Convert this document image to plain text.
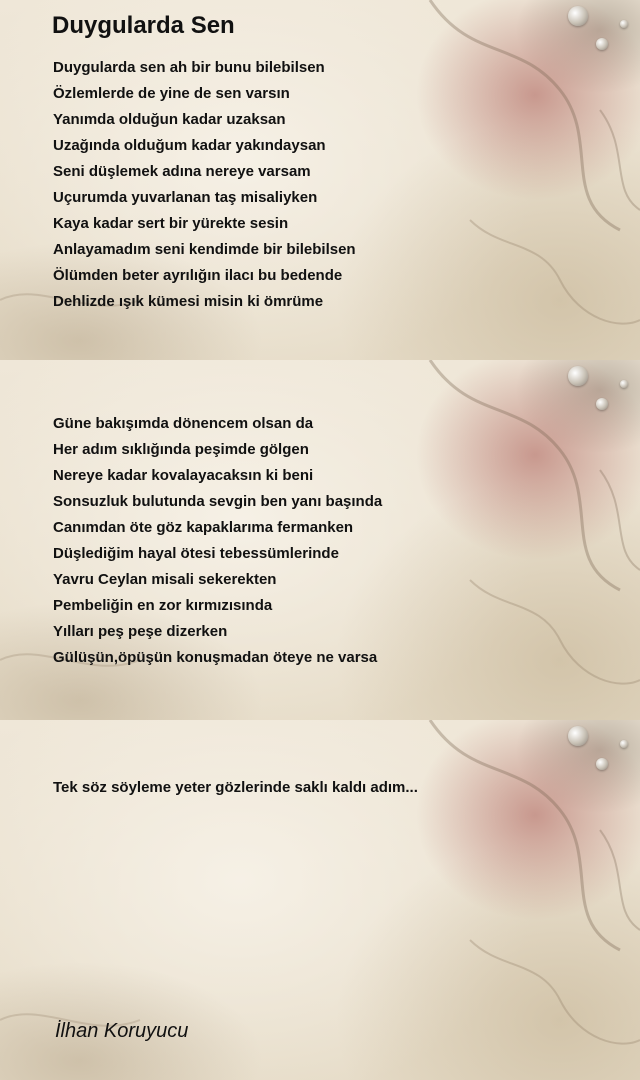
Duygularda Sen
Duygularda sen ah bir bunu bilebilsen
Özlemlerde de yine de sen varsın
Yanımda olduğun kadar uzaksan
Uzağında olduğum kadar yakındaysan
Seni düşlemek adına nereye varsam
Uçurumda yuvarlanan taş misaliyken
Kaya kadar sert bir yürekte sesin
Anlayamadım seni kendimde bir bilebilsen
Ölümden beter ayrılığın ilacı bu bedende
Dehlizde ışık kümesi misin ki ömrüme
Güne bakışımda dönencem olsan da
Her adım sıklığında peşimde gölgen
Nereye kadar kovalayacaksın ki beni
Sonsuzluk bulutunda sevgin ben yanı başında
Canımdan öte göz kapaklarıma fermanken
Düşlediğim hayal ötesi tebessümlerinde
Yavru Ceylan misali sekerekten
Pembeliğin en zor kırmızısında
Yılları peş peşe dizerken
Gülüşün,öpüşün konuşmadan öteye ne varsa
Tek söz söyleme yeter gözlerinde saklı kaldı adım...
İlhan Koruyucu
